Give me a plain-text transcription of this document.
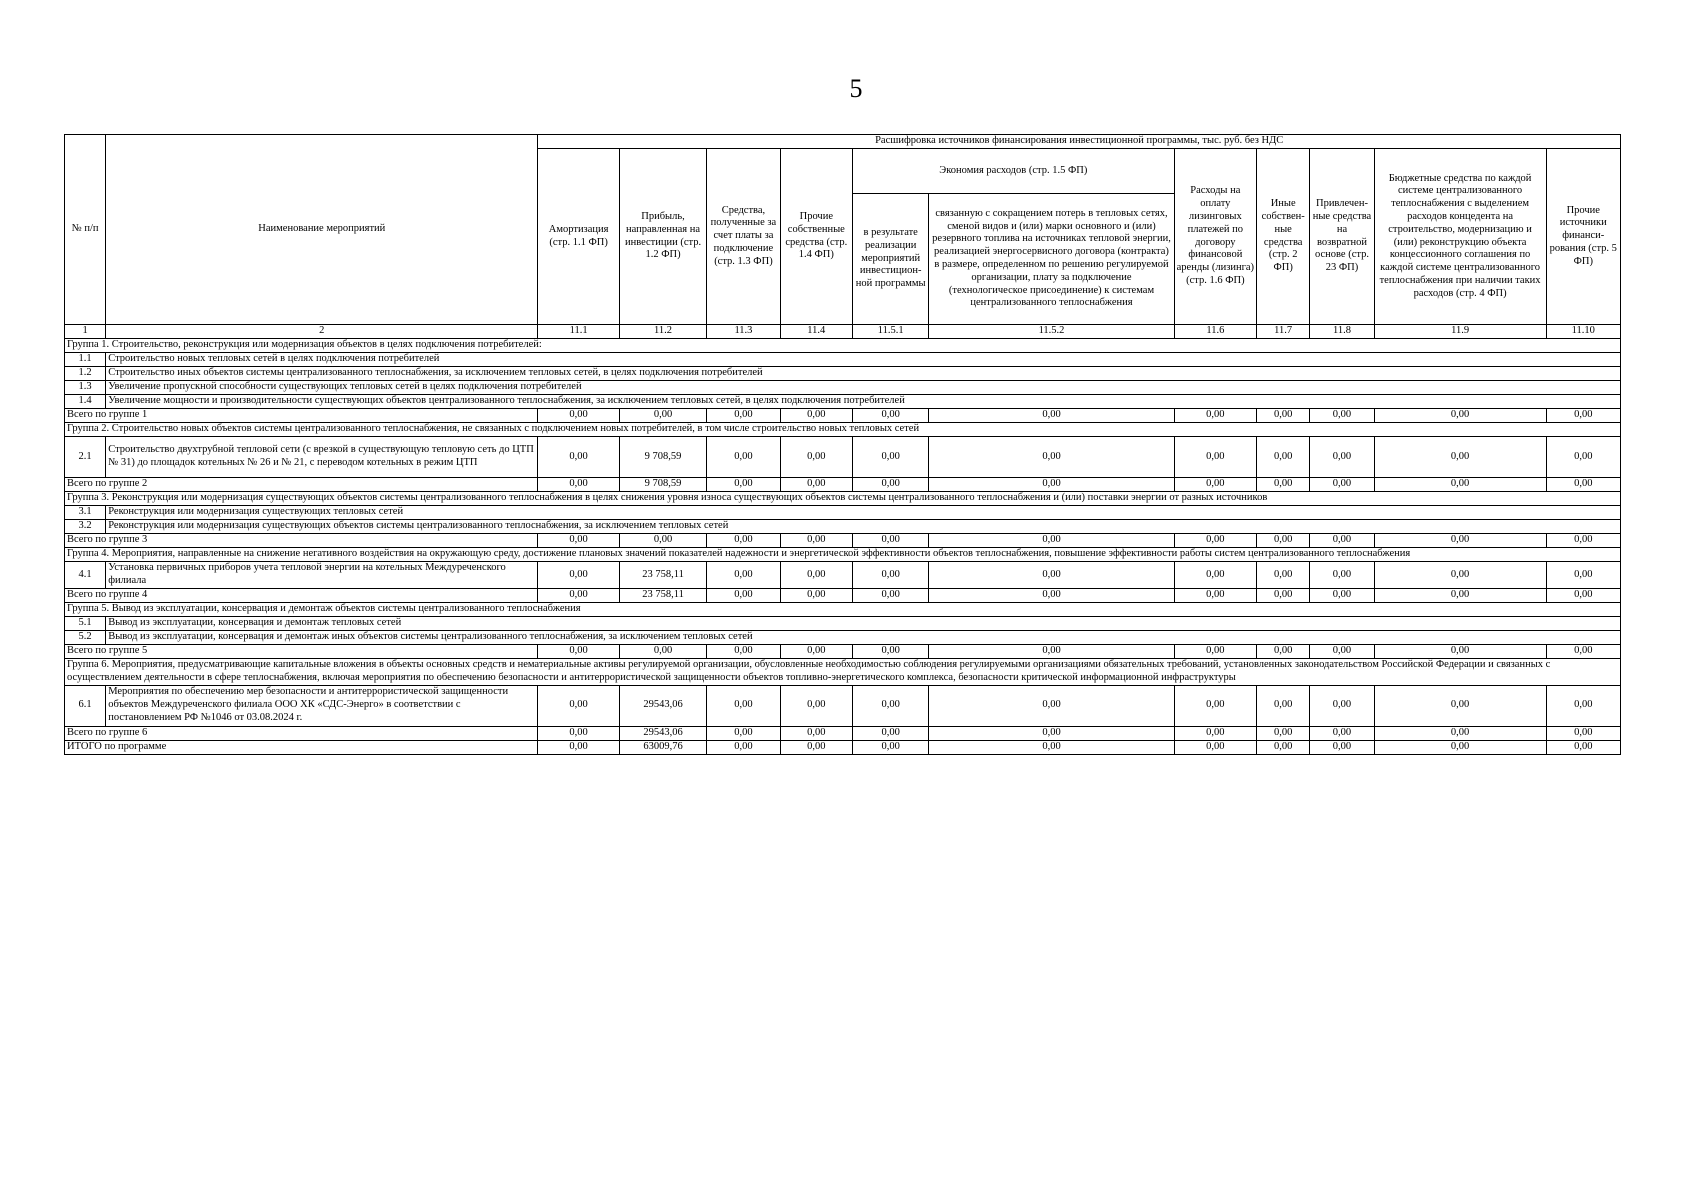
5
№ п/п	Наименование мероприятий	Расшифровка источников финансирования инвестиционной программы, тыс. руб. без НДС										
		Амортизация (стр. 1.1 ФП)	Прибыль, направленная на инвестиции (стр. 1.2 ФП)	Средства, полученные за счет платы за подключение (стр. 1.3 ФП)	Прочие собственные средства (стр. 1.4 ФП)	Экономия расходов (стр. 1.5 ФП)		Расходы на оплату лизинговых платежей по договору финансовой аренды (лизинга) (стр. 1.6 ФП)	Иные собствен-ные средства (стр. 2 ФП)	Привлечен-ные средства на возвратной основе (стр. 23 ФП)	Бюджетные средства по каждой системе централизованного теплоснабжения с выделением расходов концедента на строительство, модернизацию и (или) реконструкцию объекта концессионного соглашения по каждой системе централизованного теплоснабжения при наличии таких расходов (стр. 4 ФП)	Прочие источники финанси-рования (стр. 5 ФП)
						в результате реализации мероприятий инвестицион-ной программы	связанную с сокращением потерь в тепловых сетях, сменой видов и (или) марки основного и (или) резервного топлива на источниках тепловой энергии, реализацией энергосервисного договора (контракта) в размере, определенном по решению регулируемой организации, плату за подключение (технологическое присоединение) к системам централизованного теплоснабжения					
1	2	11.1	11.2	11.3	11.4	11.5.1	11.5.2	11.6	11.7	11.8	11.9	11.10
Группа 1. Строительство, реконструкция или модернизация объектов в целях подключения потребителей:												
1.1	Строительство новых тепловых сетей в целях подключения потребителей											
1.2	Строительство иных объектов системы централизованного теплоснабжения, за исключением тепловых сетей, в целях подключения потребителей											
1.3	Увеличение пропускной способности существующих тепловых сетей в целях подключения потребителей											
1.4	Увеличение мощности и производительности существующих объектов централизованного теплоснабжения, за исключением тепловых сетей, в целях подключения потребителей											
Всего по группе 1		0,00	0,00	0,00	0,00	0,00	0,00	0,00	0,00	0,00	0,00	0,00
Группа 2. Строительство новых объектов системы централизованного теплоснабжения, не связанных с подключением новых потребителей, в том числе строительство новых тепловых сетей												
2.1	Строительство двухтрубной тепловой сети (с врезкой в существующую тепловую сеть до ЦТП № 31) до площадок котельных № 26 и № 21, с переводом котельных в режим ЦТП	0,00	9 708,59	0,00	0,00	0,00	0,00	0,00	0,00	0,00	0,00	0,00
Всего по группе 2		0,00	9 708,59	0,00	0,00	0,00	0,00	0,00	0,00	0,00	0,00	0,00
Группа 3. Реконструкция или модернизация существующих объектов системы централизованного теплоснабжения в целях снижения уровня износа существующих объектов системы централизованного теплоснабжения и (или) поставки энергии от разных источников												
3.1	Реконструкция или модернизация существующих тепловых сетей											
3.2	Реконструкция или модернизация существующих объектов системы централизованного теплоснабжения, за исключением тепловых сетей											
Всего по группе 3		0,00	0,00	0,00	0,00	0,00	0,00	0,00	0,00	0,00	0,00	0,00
Группа 4. Мероприятия, направленные на снижение негативного воздействия на окружающую среду, достижение плановых значений показателей надежности и энергетической эффективности объектов теплоснабжения, повышение эффективности работы систем централизованного теплоснабжения												
4.1	Установка первичных приборов учета тепловой энергии на котельных Междуреченского филиала	0,00	23 758,11	0,00	0,00	0,00	0,00	0,00	0,00	0,00	0,00	0,00
Всего по группе 4		0,00	23 758,11	0,00	0,00	0,00	0,00	0,00	0,00	0,00	0,00	0,00
Группа 5. Вывод из эксплуатации, консервация и демонтаж объектов системы централизованного теплоснабжения												
5.1	Вывод из эксплуатации, консервация и демонтаж тепловых сетей											
5.2	Вывод из эксплуатации, консервация и демонтаж иных объектов системы централизованного теплоснабжения, за исключением тепловых сетей											
Всего по группе 5		0,00	0,00	0,00	0,00	0,00	0,00	0,00	0,00	0,00	0,00	0,00
Группа 6. Мероприятия, предусматривающие капитальные вложения в объекты основных средств и нематериальные активы регулируемой организации, обусловленные необходимостью соблюдения регулируемыми организациями обязательных требований, установленных законодательством Российской Федерации и связанных с осуществлением деятельности в сфере теплоснабжения, включая мероприятия по обеспечению безопасности и антитеррористической защищенности объектов топливно-энергетического комплекса, безопасности критической информационной инфраструктуры												
6.1	Мероприятия по обеспечению мер безопасности и антитеррористической защищенности объектов Междуреченского филиала ООО ХК «СДС-Энерго» в соответствии с постановлением РФ №1046 от 03.08.2024 г.	0,00	29543,06	0,00	0,00	0,00	0,00	0,00	0,00	0,00	0,00	0,00
Всего по группе 6		0,00	29543,06	0,00	0,00	0,00	0,00	0,00	0,00	0,00	0,00	0,00
ИТОГО по программе		0,00	63009,76	0,00	0,00	0,00	0,00	0,00	0,00	0,00	0,00	0,00
